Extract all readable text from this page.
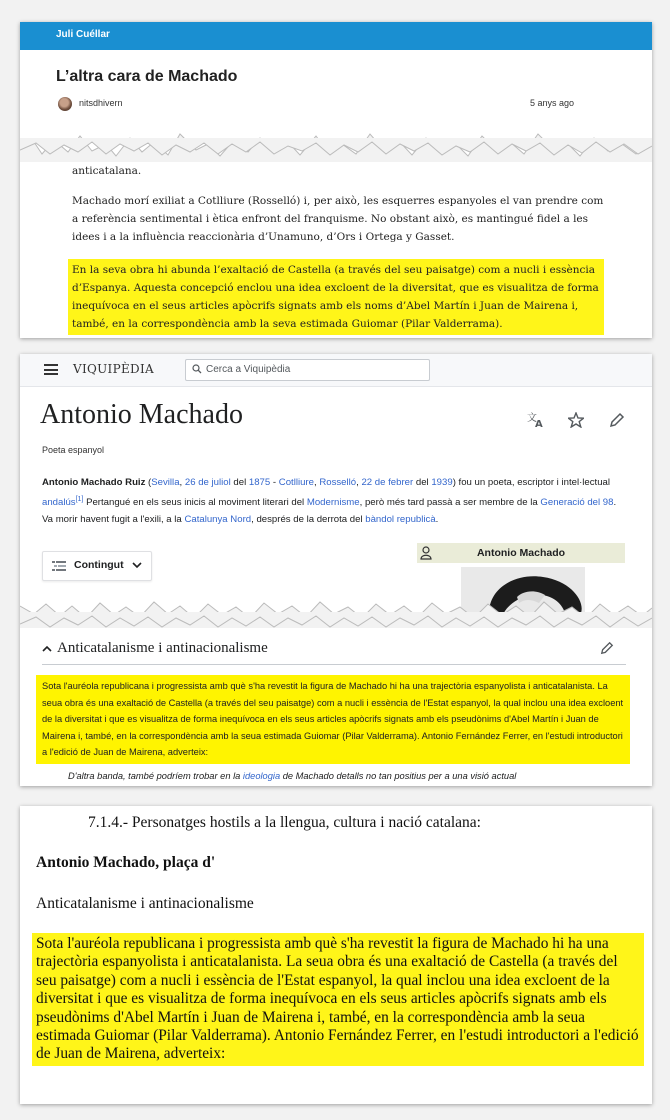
Juli Cuéllar
L’altra cara de Machado
nitsdhivern	5 anys ago

anticatalana.

Machado morí exiliat a Cotlliure (Rosselló) i, per això, les esquerres espanyoles el van prendre com a referència sentimental i ètica enfront del franquisme. No obstant això, es mantingué fidel a les idees i a la influència reaccionària d’Unamuno, d’Ors i Ortega y Gasset.

En la seva obra hi abunda l’exaltació de Castella (a través del seu paisatge) com a nucli i essència d’Espanya. Aquesta concepció enclou una idea excloent de la diversitat, que es visualitza de forma inequívoca en el seus articles apòcrifs signats amb els noms d’Abel Martín i Juan de Mairena i, també, en la correspondència amb la seva estimada Guiomar (Pilar Valderrama).

VIQUIPÈDIA	Cerca a Viquipèdia
Antonio Machado	文
A
Poeta espanyol
Antonio Machado Ruiz (Sevilla, 26 de juliol del 1875 - Cotlliure, Rosselló, 22 de febrer del 1939) fou un poeta, escriptor i intel·lectual andalús[1] Pertangué en els seus inicis al moviment literari del Modernisme, però més tard passà a ser membre de la Generació del 98. Va morir havent fugit a l'exili, a la Catalunya Nord, després de la derrota del bàndol republicà.
Contingut
Antonio Machado
Anticatalanisme i antinacionalisme
Sota l'auréola republicana i progressista amb què s'ha revestit la figura de Machado hi ha una trajectòria espanyolista i anticatalanista. La seua obra és una exaltació de Castella (a través del seu paisatge) com a nucli i essència de l'Estat espanyol, la qual inclou una idea excloent de la diversitat i que es visualitza de forma inequívoca en els seus articles apòcrifs signats amb els pseudònims d'Abel Martín i Juan de Mairena i, també, en la correspondència amb la seua estimada Guiomar (Pilar Valderrama). Antonio Fernández Ferrer, en l'estudi introductori a l'edició de Juan de Mairena, adverteix:
D'altra banda, també podríem trobar en la ideologia de Machado detalls no tan positius per a una visió actual
7.1.4.- Personatges hostils a la llengua, cultura i nació catalana:
Antonio Machado, plaça d'
Anticatalanisme i antinacionalisme
Sota l'auréola republicana i progressista amb què s'ha revestit la figura de Machado hi ha una trajectòria espanyolista i anticatalanista. La seua obra és una exaltació de Castella (a través del seu paisatge) com a nucli i essència de l'Estat espanyol, la qual inclou una idea excloent de la diversitat i que es visualitza de forma inequívoca en els seus articles apòcrifs signats amb els pseudònims d'Abel Martín i Juan de Mairena i, també, en la correspondència amb la seua estimada Guiomar (Pilar Valderrama). Antonio Fernández Ferrer, en l'estudi introductori a l'edició de Juan de Mairena, adverteix:
